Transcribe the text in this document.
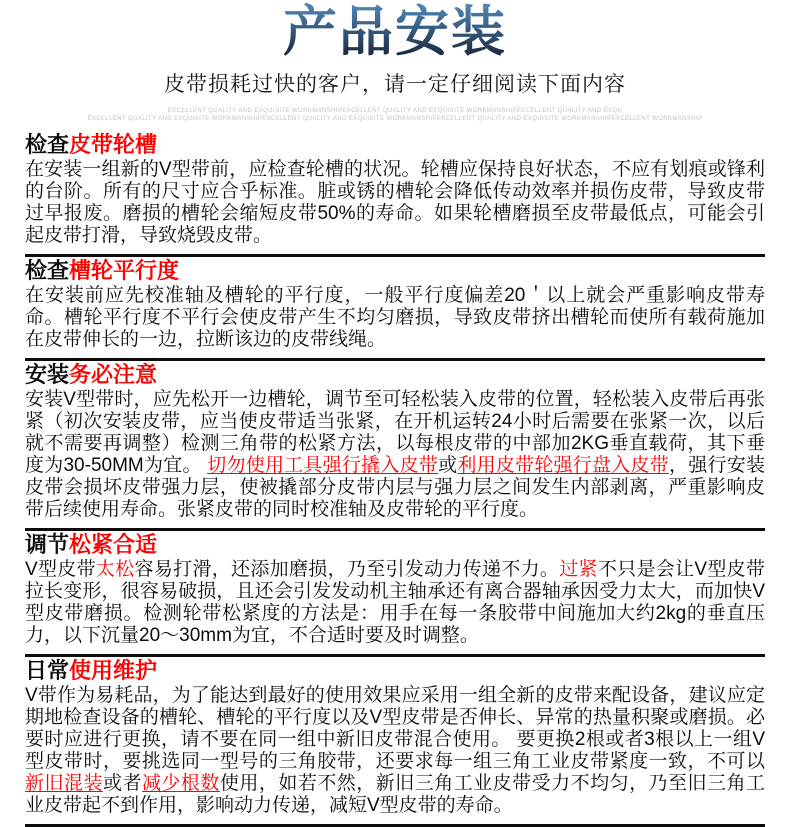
产品安装
皮带损耗过快的客户，请一定仔细阅读下面内容
EXCELLENT QUALITY AND EXQUISITE WORKMANSHIPEXCELLENT QUALITY AND EXQUISITE WORKMANSHIPEXCELLENT QUALITY AND EXQU
EXCELLENT QUALITY AND EXQUISITE WORKMANSHIPEXCELLENT QUALITY AND EXQUISITE WORKMANSHIPEXCELLENT QUALITY AND EXQUISITE WORKMANSHIPEXCELLENT WORKMANSHIP
检查皮带轮槽

在安装一组新的V型带前，应检查轮槽的状况。轮槽应保持良好状态，不应有划痕或锋利的台阶。所有的尺寸应合乎标准。脏或锈的槽轮会降低传动效率并损伤皮带，导致皮带过早报废。磨损的槽轮会缩短皮带50%的寿命。如果轮槽磨损至皮带最低点，可能会引起皮带打滑，导致烧毁皮带。

检查槽轮平行度

在安装前应先校准轴及槽轮的平行度，一般平行度偏差20＇以上就会严重影响皮带寿命。槽轮平行度不平行会使皮带产生不均匀磨损，导致皮带挤出槽轮而使所有载荷施加在皮带伸长的一边，拉断该边的皮带线绳。

安装务必注意

安装V型带时，应先松开一边槽轮，调节至可轻松装入皮带的位置，轻松装入皮带后再张紧（初次安装皮带，应当使皮带适当张紧，在开机运转24小时后需要在张紧一次，以后就不需要再调整）检测三角带的松紧方法，以每根皮带的中部加2KG垂直载荷，其下垂度为30-50MM为宜。 切勿使用工具强行撬入皮带或利用皮带轮强行盘入皮带，强行安装皮带会损坏皮带强力层，使被撬部分皮带内层与强力层之间发生内部剥离，严重影响皮带后续使用寿命。张紧皮带的同时校准轴及皮带轮的平行度。

调节松紧合适

V型皮带太松容易打滑，还添加磨损，乃至引发动力传递不力。过紧不只是会让V型皮带拉长变形，很容易破损，且还会引发发动机主轴承还有离合器轴承因受力太大，而加快V型皮带磨损。检测轮带松紧度的方法是：用手在每一条胶带中间施加大约2kg的垂直压力，以下沉量20～30mm为宜，不合适时要及时调整。

日常使用维护

V带作为易耗品，为了能达到最好的使用效果应采用一组全新的皮带来配设备，建议应定期地检查设备的槽轮、槽轮的平行度以及V型皮带是否伸长、异常的热量积聚或磨损。必要时应进行更换，请不要在同一组中新旧皮带混合使用。 要更换2根或者3根以上一组V型皮带时，要挑选同一型号的三角胶带，还要求每一组三角工业皮带紧度一致，不可以新旧混装或者减少根数使用，如若不然，新旧三角工业皮带受力不均匀，乃至旧三角工业皮带起不到作用，影响动力传递，减短V型皮带的寿命。
